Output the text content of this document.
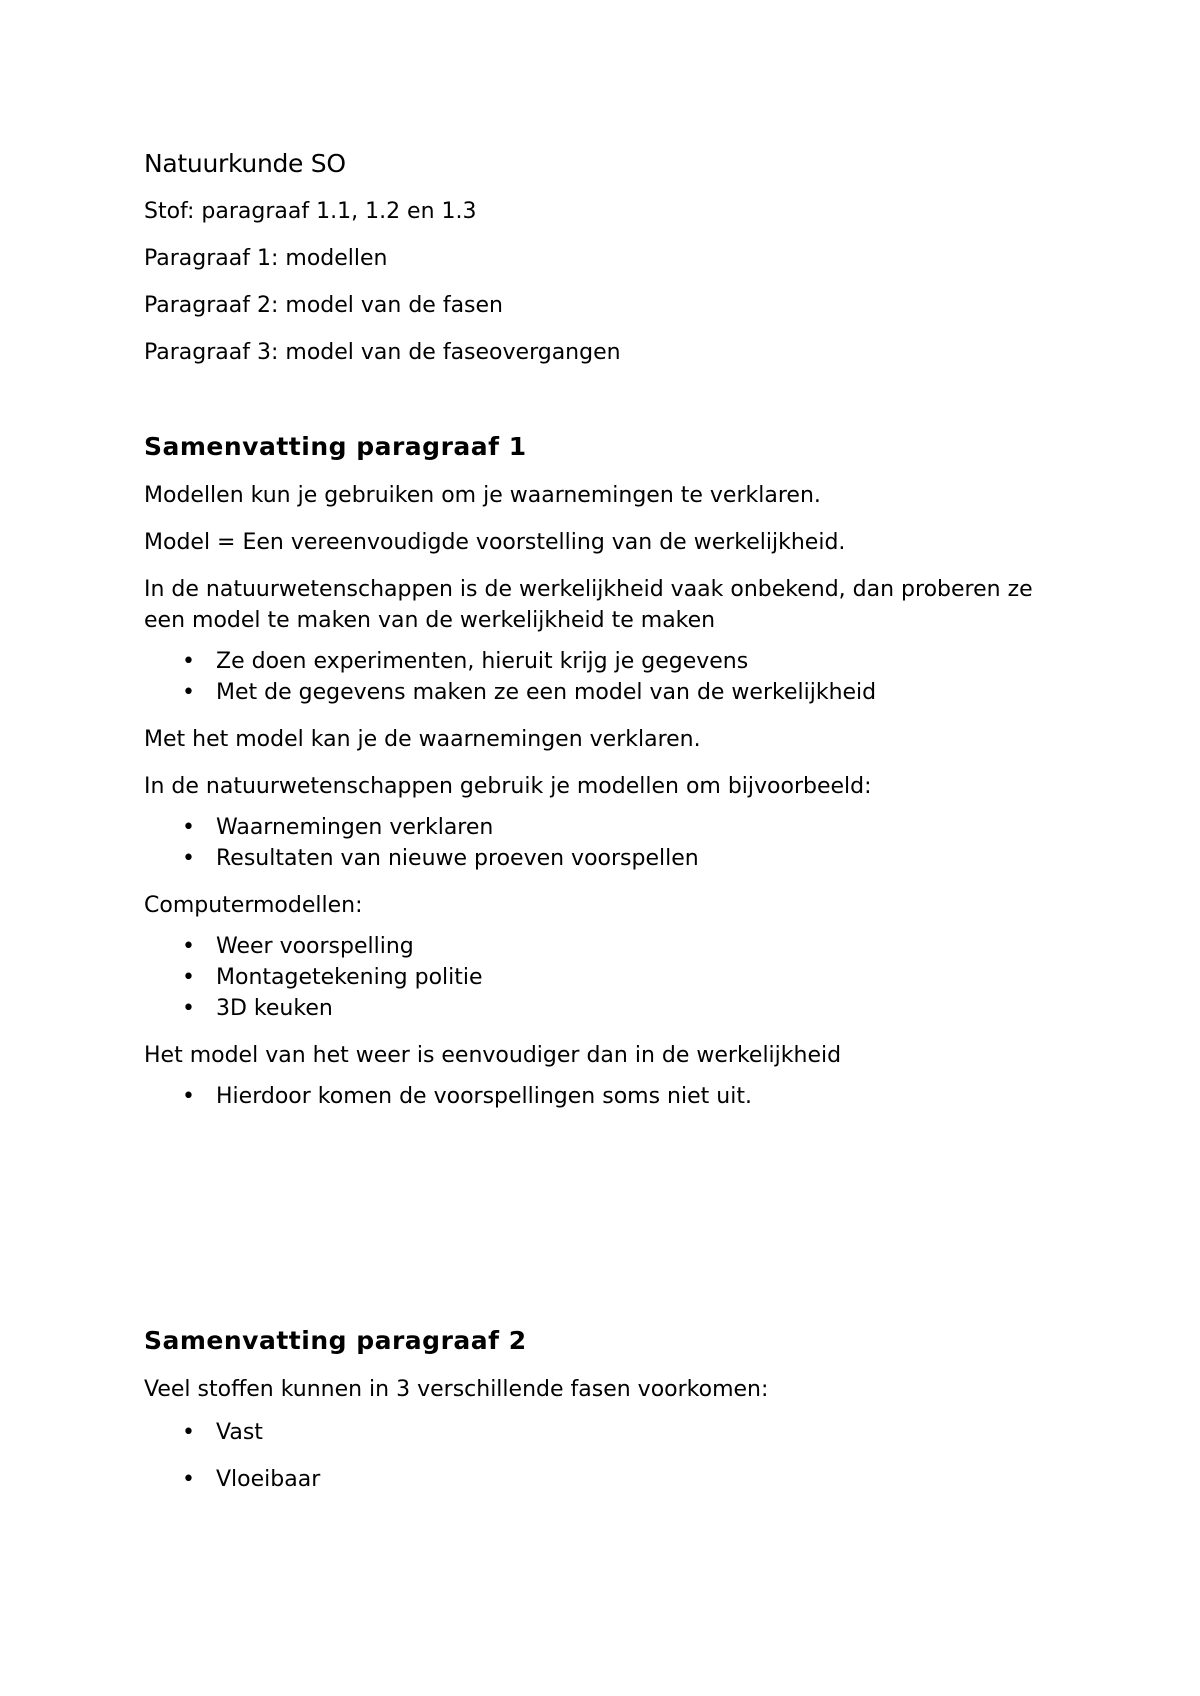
Natuurkunde SO

Stof: paragraaf 1.1, 1.2 en 1.3

Paragraaf 1: modellen

Paragraaf 2: model van de fasen

Paragraaf 3: model van de faseovergangen

Samenvatting paragraaf 1

Modellen kun je gebruiken om je waarnemingen te verklaren.

Model = Een vereenvoudigde voorstelling van de werkelijkheid.

In de natuurwetenschappen is de werkelijkheid vaak onbekend, dan proberen ze een model te maken van de werkelijkheid te maken

• Ze doen experimenten, hieruit krijg je gegevens
• Met de gegevens maken ze een model van de werkelijkheid

Met het model kan je de waarnemingen verklaren.

In de natuurwetenschappen gebruik je modellen om bijvoorbeeld:

• Waarnemingen verklaren
• Resultaten van nieuwe proeven voorspellen

Computermodellen:

• Weer voorspelling
• Montagetekening politie
• 3D keuken

Het model van het weer is eenvoudiger dan in de werkelijkheid

• Hierdoor komen de voorspellingen soms niet uit.
Samenvatting paragraaf 2

Veel stoffen kunnen in 3 verschillende fasen voorkomen:

• Vast
• Vloeibaar
